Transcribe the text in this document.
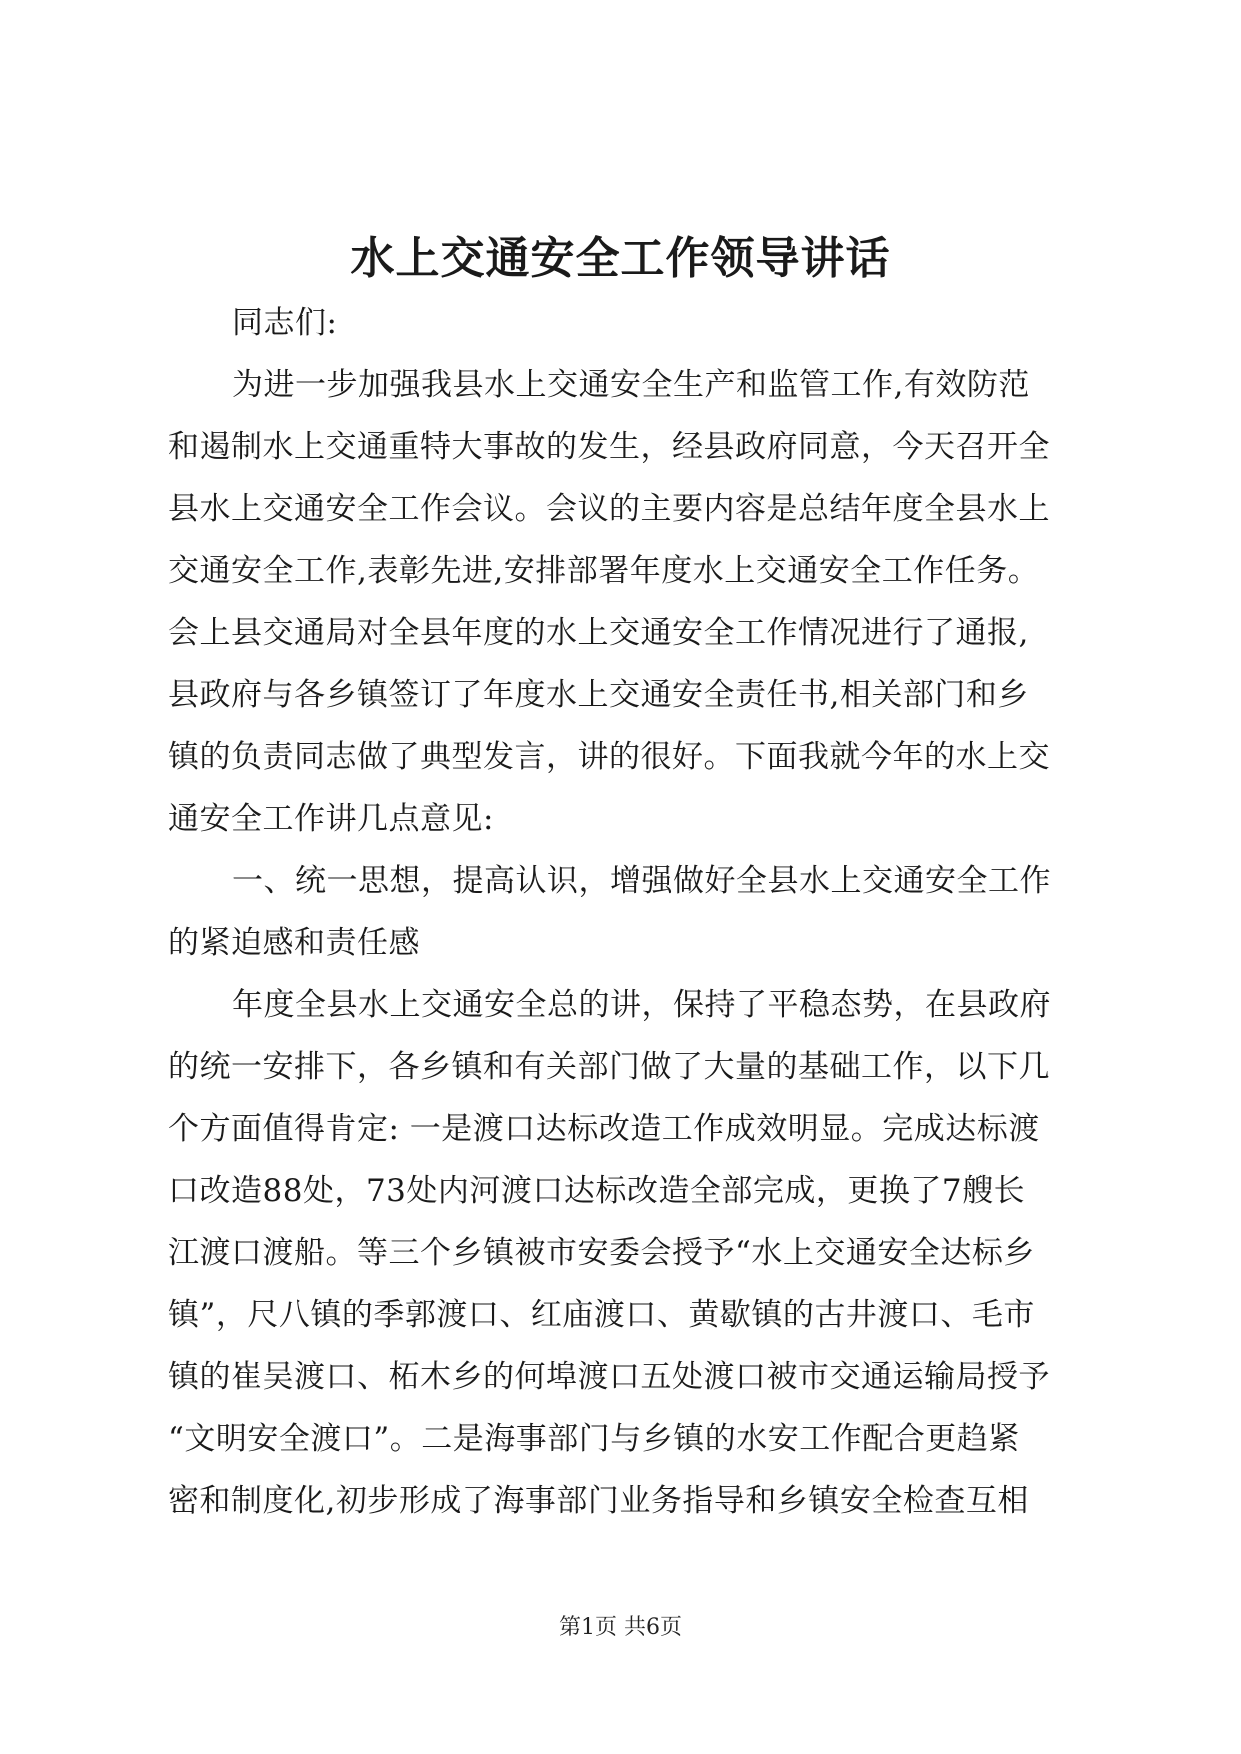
水上交通安全工作领导讲话

同志们:

为进一步加强我县水上交通安全生产和监管工作,有效防范

和遏制水上交通重特大事故的发生，经县政府同意，今天召开全

县水上交通安全工作会议。会议的主要内容是总结年度全县水上

交通安全工作,表彰先进,安排部署年度水上交通安全工作任务。

会上县交通局对全县年度的水上交通安全工作情况进行了通报,

县政府与各乡镇签订了年度水上交通安全责任书,相关部门和乡

镇的负责同志做了典型发言，讲的很好。下面我就今年的水上交

通安全工作讲几点意见:

一、统一思想，提高认识，增强做好全县水上交通安全工作

的紧迫感和责任感

年度全县水上交通安全总的讲，保持了平稳态势，在县政府

的统一安排下，各乡镇和有关部门做了大量的基础工作，以下几

个方面值得肯定: 一是渡口达标改造工作成效明显。完成达标渡

口改造88处，73处内河渡口达标改造全部完成，更换了7艘长

江渡口渡船。等三个乡镇被市安委会授予“水上交通安全达标乡

镇”，尺八镇的季郭渡口、红庙渡口、黄歇镇的古井渡口、毛市

镇的崔吴渡口、柘木乡的何埠渡口五处渡口被市交通运输局授予

“文明安全渡口”。二是海事部门与乡镇的水安工作配合更趋紧

密和制度化,初步形成了海事部门业务指导和乡镇安全检查互相

第1页 共6页
